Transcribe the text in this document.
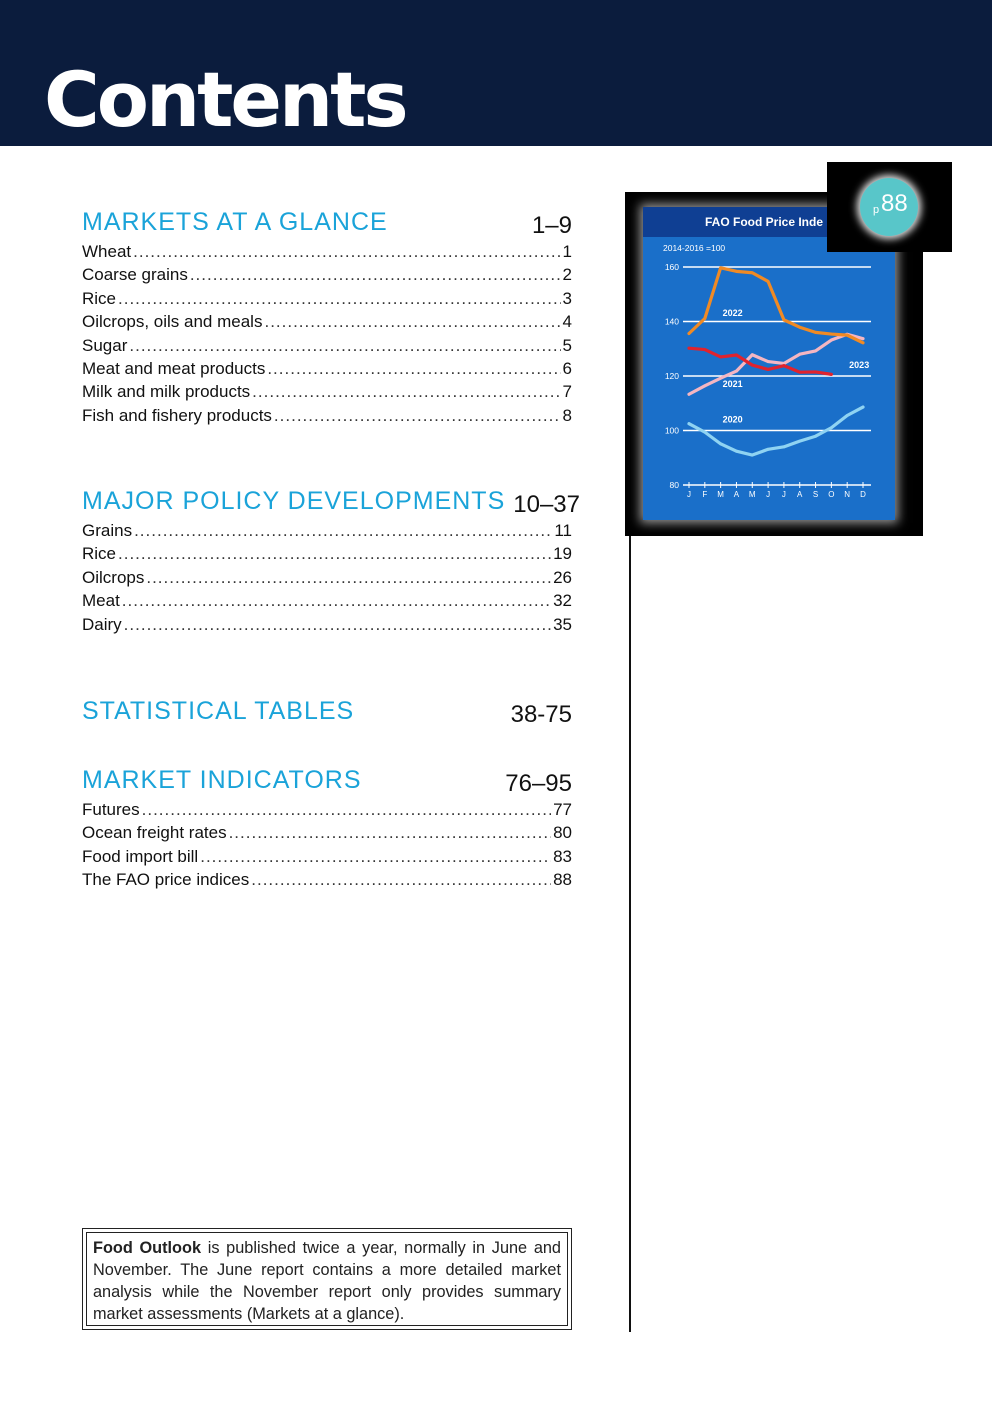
Contents
MARKETS AT A GLANCE	1–9
Wheat .....	1
Coarse grains .....	2
Rice .....	3
Oilcrops, oils and meals .....	4
Sugar .....	5
Meat and meat products .....	6
Milk and milk products .....	7
Fish and fishery products .....	8
MAJOR POLICY DEVELOPMENTS 10–37
Grains .....	11
Rice .....	19
Oilcrops .....	26
Meat .....	32
Dairy .....	35
STATISTICAL TABLES	38-75
MARKET INDICATORS	76–95
Futures .....	77
Ocean freight rates .....	80
Food import bill .....	83
The FAO price indices .....	88
Food Outlook is published twice a year, normally in June and November. The June report contains a more detailed market analysis while the November report only provides summary market assessments (Markets at a glance).
FAO Food Price Inde
2014-2016 =100
80
100
120
140
160
J F M A M J J A S O N D
2020
2021
2022
2023
p 88
